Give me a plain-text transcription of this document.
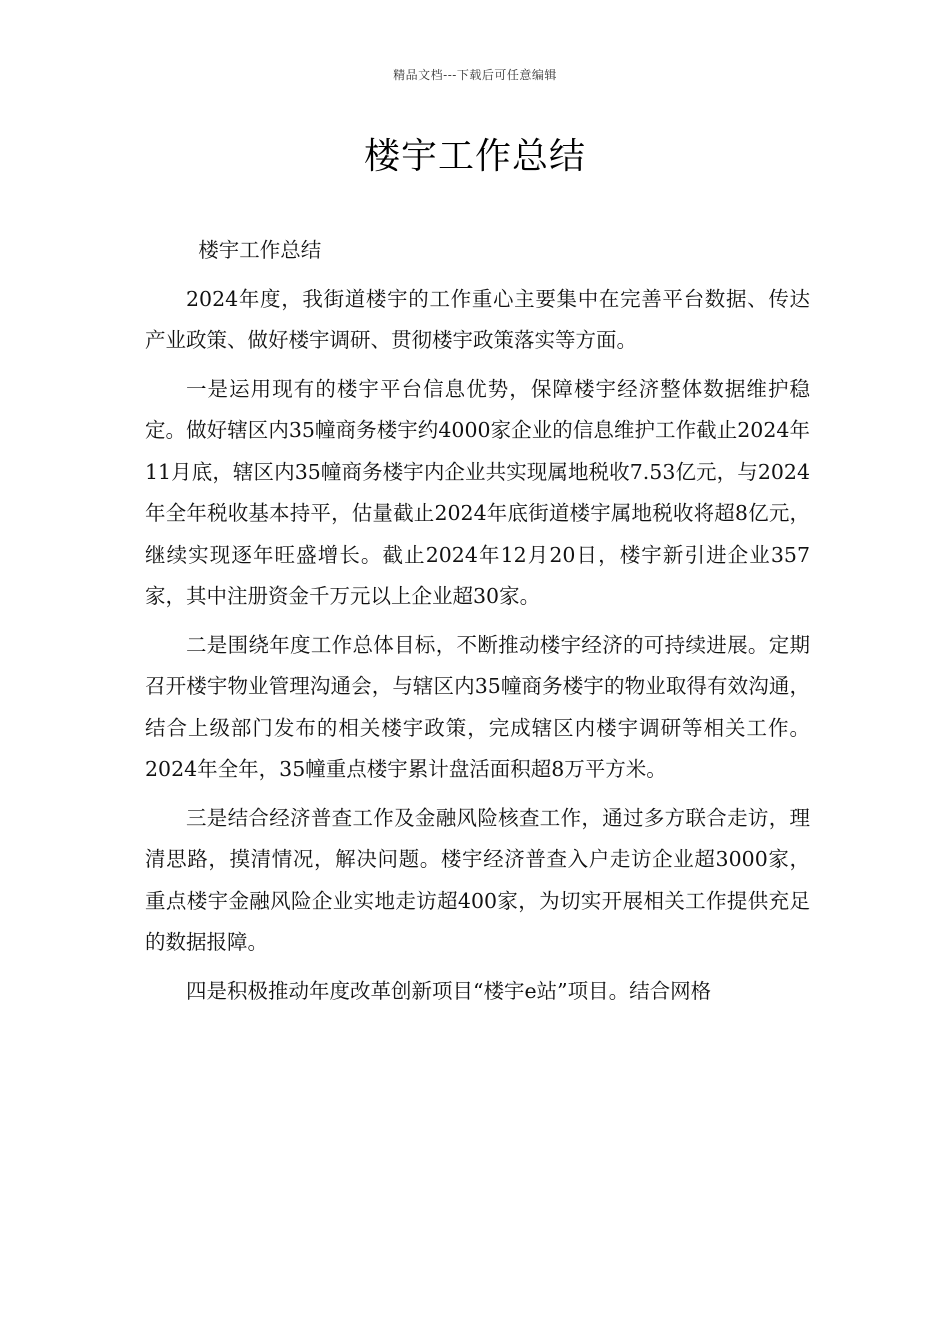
精品文档---下载后可任意编辑
楼宇工作总结

楼宇工作总结

2024年度，我街道楼宇的工作重心主要集中在完善平台数据、传达产业政策、做好楼宇调研、贯彻楼宇政策落实等方面。

一是运用现有的楼宇平台信息优势，保障楼宇经济整体数据维护稳定。做好辖区内35幢商务楼宇约4000家企业的信息维护工作截止2024年11月底，辖区内35幢商务楼宇内企业共实现属地税收7.53亿元，与2024年全年税收基本持平，估量截止2024年底街道楼宇属地税收将超8亿元，继续实现逐年旺盛增长。截止2024年12月20日，楼宇新引进企业357家，其中注册资金千万元以上企业超30家。

二是围绕年度工作总体目标，不断推动楼宇经济的可持续进展。定期召开楼宇物业管理沟通会，与辖区内35幢商务楼宇的物业取得有效沟通，结合上级部门发布的相关楼宇政策，完成辖区内楼宇调研等相关工作。2024年全年，35幢重点楼宇累计盘活面积超8万平方米。

三是结合经济普查工作及金融风险核查工作，通过多方联合走访，理清思路，摸清情况，解决问题。楼宇经济普查入户走访企业超3000家，重点楼宇金融风险企业实地走访超400家，为切实开展相关工作提供充足的数据报障。

四是积极推动年度改革创新项目“楼宇e站”项目。结合网格
